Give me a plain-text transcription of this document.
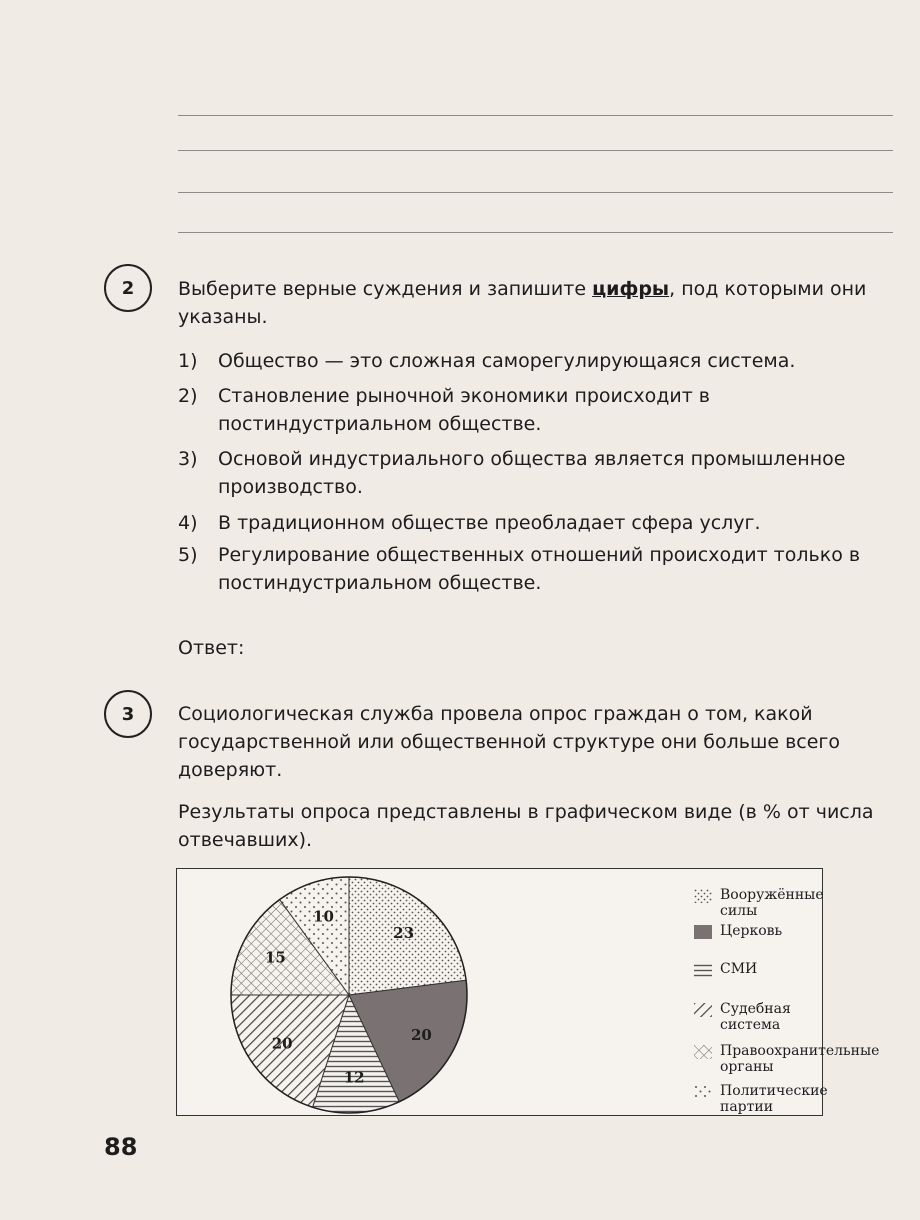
2	Выберите верные суждения и запишите цифры, под которыми они указаны.
1) Общество — это сложная саморегулирующаяся система.
2) Становление рыночной экономики происходит в постиндустриальном обществе.
3) Основой индустриального общества является промышленное производство.
4) В традиционном обществе преобладает сфера услуг.
5) Регулирование общественных отношений происходит только в постиндустриальном обществе.
Ответ:
3	Социологическая служба провела опрос граждан о том, какой государственной или общественной структуре они больше всего доверяют.
Результаты опроса представлены в графическом виде (в % от числа отвечавших).
23
20
12
20
15
10
Вооружённые силы
Церковь
СМИ
Судебная система
Правоохранительные органы
Политические партии
88
